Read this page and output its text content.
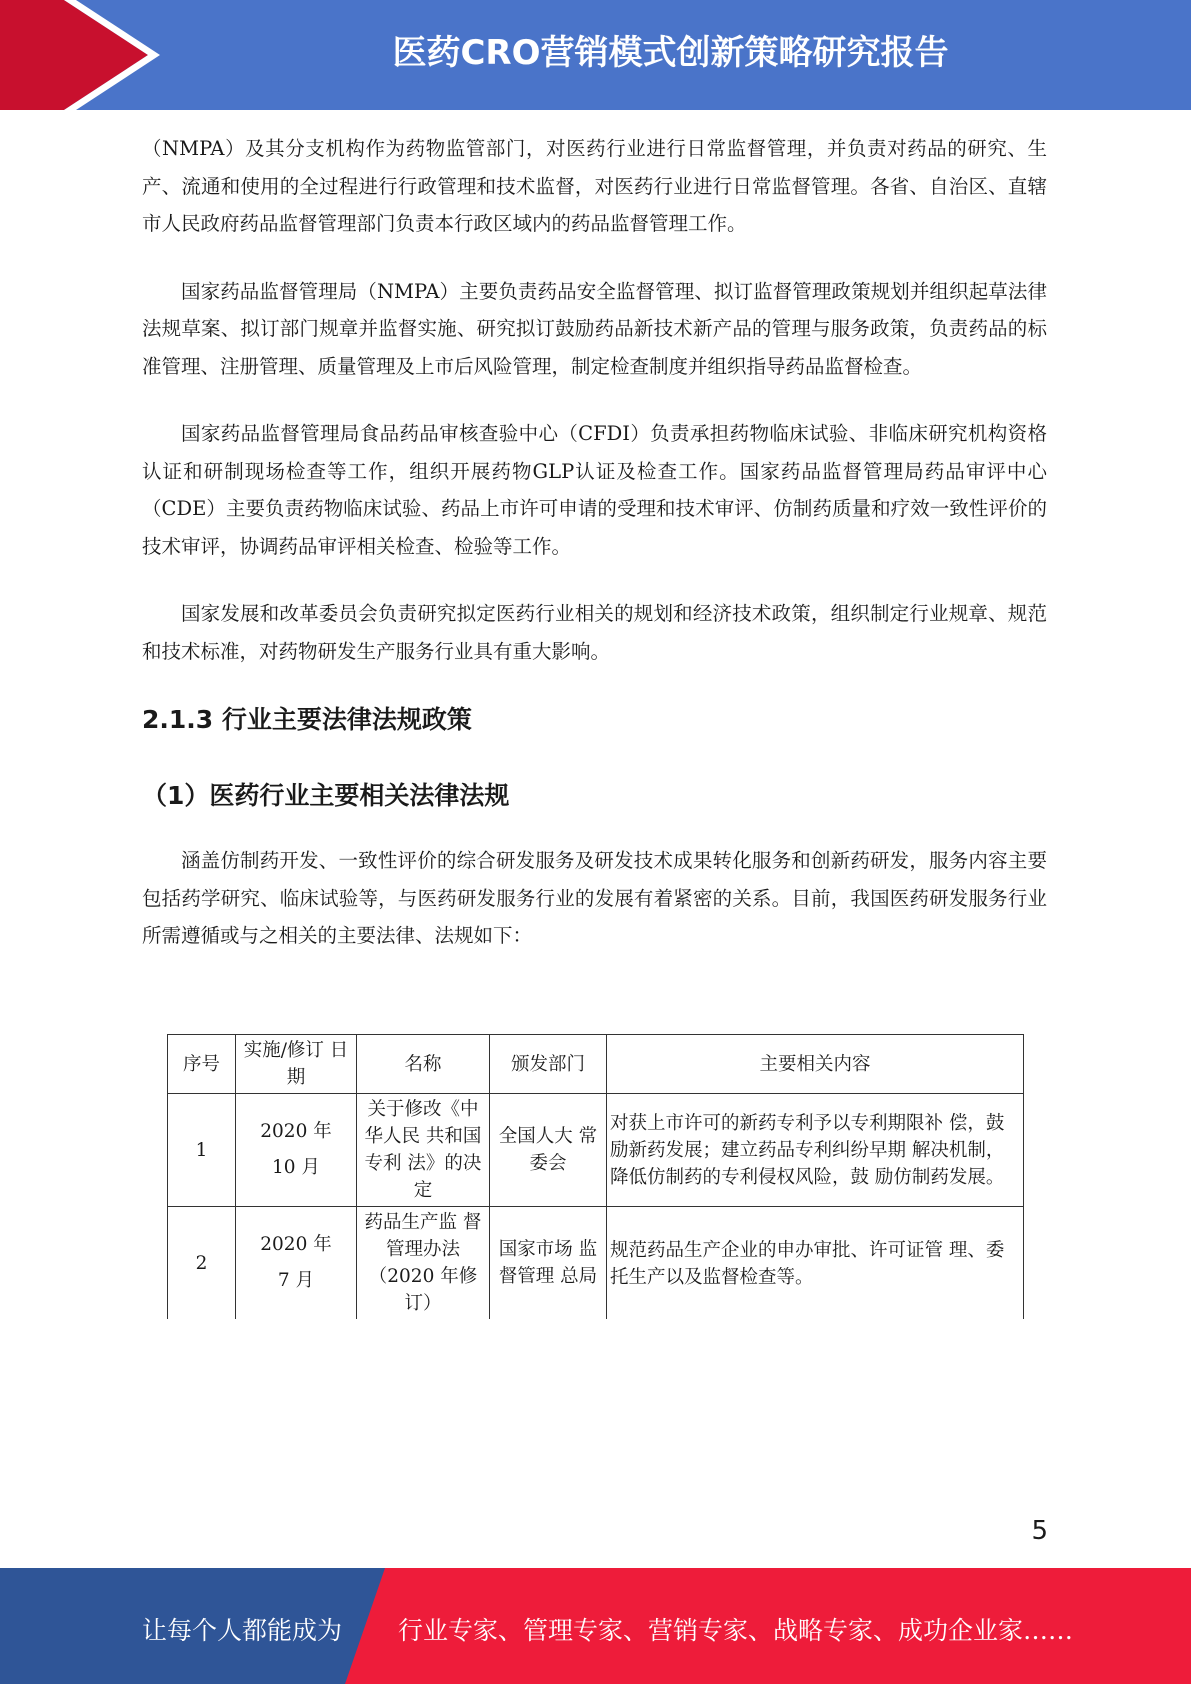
医药CRO营销模式创新策略研究报告

（NMPA）及其分支机构作为药物监管部门，对医药行业进行日常监督管理，并负责对药品的研究、生产、流通和使用的全过程进行行政管理和技术监督，对医药行业进行日常监督管理。各省、自治区、直辖市人民政府药品监督管理部门负责本行政区域内的药品监督管理工作。

国家药品监督管理局（NMPA）主要负责药品安全监督管理、拟订监督管理政策规划并组织起草法律法规草案、拟订部门规章并监督实施、研究拟订鼓励药品新技术新产品的管理与服务政策，负责药品的标准管理、注册管理、质量管理及上市后风险管理，制定检查制度并组织指导药品监督检查。

国家药品监督管理局食品药品审核查验中心（CFDI）负责承担药物临床试验、非临床研究机构资格认证和研制现场检查等工作，组织开展药物GLP认证及检查工作。国家药品监督管理局药品审评中心（CDE）主要负责药物临床试验、药品上市许可申请的受理和技术审评、仿制药质量和疗效一致性评价的技术审评，协调药品审评相关检查、检验等工作。

国家发展和改革委员会负责研究拟定医药行业相关的规划和经济技术政策，组织制定行业规章、规范和技术标准，对药物研发生产服务行业具有重大影响。

2.1.3 行业主要法律法规政策
（1）医药行业主要相关法律法规

涵盖仿制药开发、一致性评价的综合研发服务及研发技术成果转化服务和创新药研发，服务内容主要包括药学研究、临床试验等，与医药研发服务行业的发展有着紧密的关系。目前，我国医药研发服务行业所需遵循或与之相关的主要法律、法规如下：

序号	实施/修订 日期	名称	颁发部门	主要相关内容
1	2020 年 10 月	关于修改《中华人民 共和国专利 法》的决定	全国人大 常委会	对获上市许可的新药专利予以专利期限补 偿，鼓励新药发展；建立药品专利纠纷早期 解决机制，降低仿制药的专利侵权风险，鼓 励仿制药发展。
2	2020 年 7 月	药品生产监 督管理办法（2020 年修订）	国家市场 监督管理 总局	规范药品生产企业的申办审批、许可证管 理、委托生产以及监督检查等。
5
让每个人都能成为 行业专家、管理专家、营销专家、战略专家、成功企业家……
